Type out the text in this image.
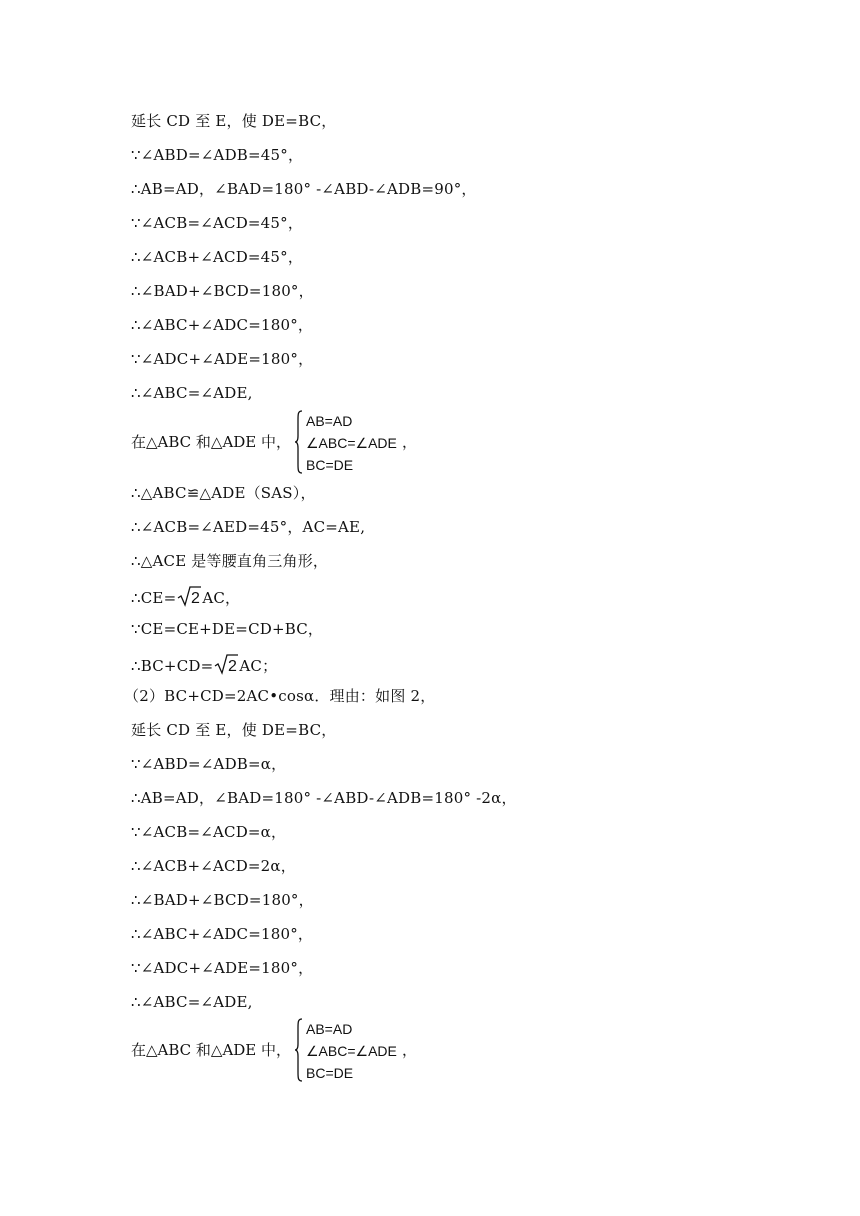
延长 CD 至 E，使 DE=BC，
∵∠ABD=∠ADB=45°，
∴AB=AD，∠BAD=180° -∠ABD-∠ADB=90°，
∵∠ACB=∠ACD=45°，
∴∠ACB+∠ACD=45°，
∴∠BAD+∠BCD=180°，
∴∠ABC+∠ADC=180°，
∵∠ADC+∠ADE=180°，
∴∠ABC=∠ADE,
在△ABC 和△ADE 中，
AB=AD
∠ABC=∠ADE
BC=DE
，
∴△ABC≌△ADE（SAS），
∴∠ACB=∠AED=45°，AC=AE,
∴△ACE 是等腰直角三角形，
∴CE= 2 AC，
∵CE=CE+DE=CD+BC，
∴BC+CD= 2 AC；
（2）BC+CD=2AC•cosα．理由：如图 2，
延长 CD 至 E，使 DE=BC，
∵∠ABD=∠ADB=α，
∴AB=AD，∠BAD=180° -∠ABD-∠ADB=180° -2α，
∵∠ACB=∠ACD=α，
∴∠ACB+∠ACD=2α，
∴∠BAD+∠BCD=180°，
∴∠ABC+∠ADC=180°，
∵∠ADC+∠ADE=180°，
∴∠ABC=∠ADE,
在△ABC 和△ADE 中，
AB=AD
∠ABC=∠ADE
BC=DE
，
